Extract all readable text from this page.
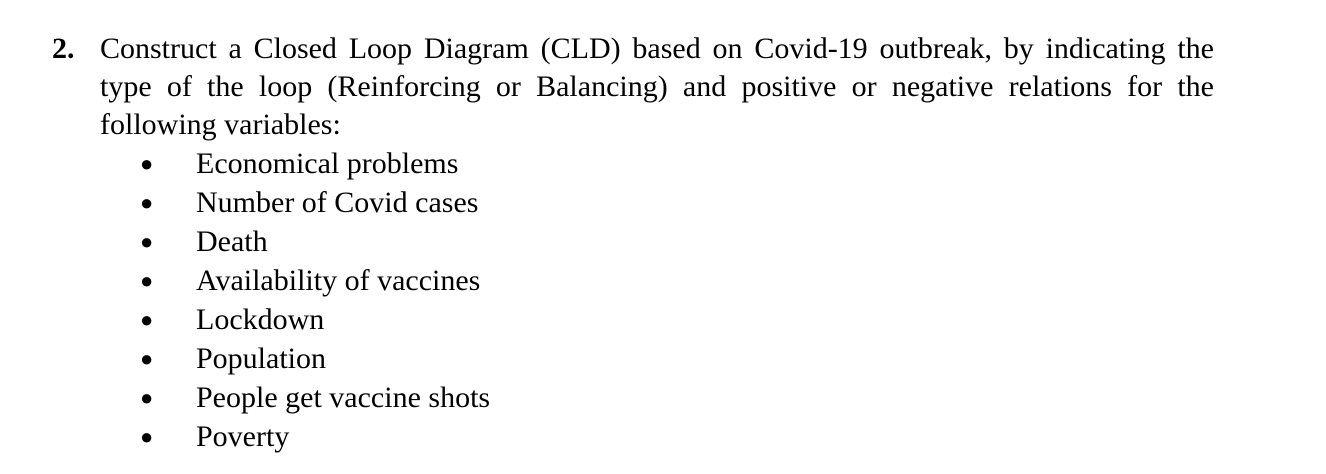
2. Construct a Closed Loop Diagram (CLD) based on Covid-19 outbreak, by indicating the type of the loop (Reinforcing or Balancing) and positive or negative relations for the following variables:

●	Economical problems
●	Number of Covid cases
●	Death
●	Availability of vaccines
●	Lockdown
●	Population
●	People get vaccine shots
●	Poverty
